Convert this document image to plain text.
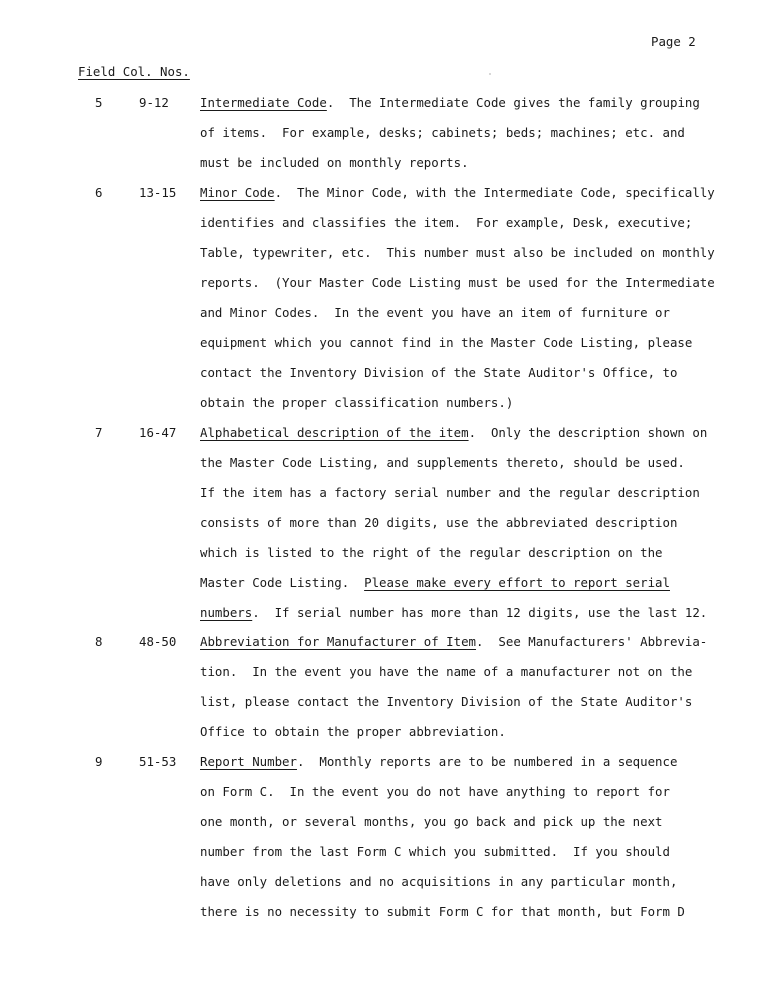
Page 2
Field Col. Nos.
5	9-12	Intermediate Code.  The Intermediate Code gives the family grouping
of items.  For example, desks; cabinets; beds; machines; etc. and
must be included on monthly reports.
6	13-15 Minor Code.  The Minor Code, with the Intermediate Code, specifically
identifies and classifies the item.  For example, Desk, executive;
Table, typewriter, etc.  This number must also be included on monthly
reports.  (Your Master Code Listing must be used for the Intermediate
and Minor Codes.  In the event you have an item of furniture or
equipment which you cannot find in the Master Code Listing, please
contact the Inventory Division of the State Auditor's Office, to
obtain the proper classification numbers.)
7	16-47 Alphabetical description of the item.  Only the description shown on
the Master Code Listing, and supplements thereto, should be used.
If the item has a factory serial number and the regular description
consists of more than 20 digits, use the abbreviated description
which is listed to the right of the regular description on the
Master Code Listing.  Please make every effort to report serial
numbers.  If serial number has more than 12 digits, use the last 12.
8	48-50 Abbreviation for Manufacturer of Item.  See Manufacturers' Abbrevia-
tion.  In the event you have the name of a manufacturer not on the
list, please contact the Inventory Division of the State Auditor's
Office to obtain the proper abbreviation.
9	51-53 Report Number.  Monthly reports are to be numbered in a sequence
on Form C.  In the event you do not have anything to report for
one month, or several months, you go back and pick up the next
number from the last Form C which you submitted.  If you should
have only deletions and no acquisitions in any particular month,
there is no necessity to submit Form C for that month, but Form D
